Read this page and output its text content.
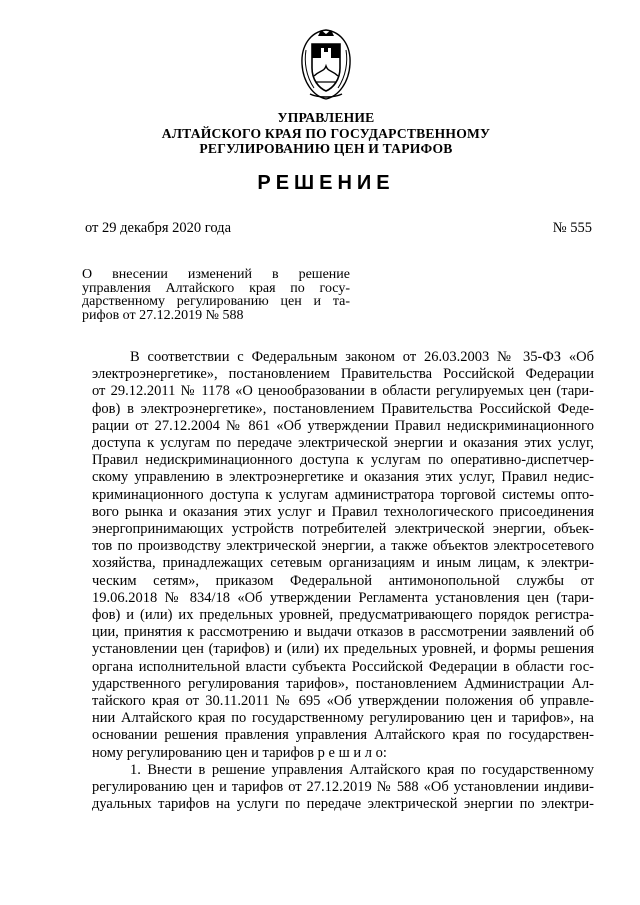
УПРАВЛЕНИЕ
АЛТАЙСКОГО КРАЯ ПО ГОСУДАРСТВЕННОМУ
РЕГУЛИРОВАНИЮ ЦЕН И ТАРИФОВ
РЕШЕНИЕ
от 29 декабря 2020 года	№ 555
О внесении изменений в решение
управления Алтайского края по госу-
дарственному регулированию цен и та-
рифов от 27.12.2019 № 588
В соответствии с Федеральным законом от 26.03.2003 № 35-ФЗ «Об
электроэнергетике», постановлением Правительства Российской Федерации
от 29.12.2011 № 1178 «О ценообразовании в области регулируемых цен (тари-
фов) в электроэнергетике», постановлением Правительства Российской Феде-
рации от 27.12.2004 № 861 «Об утверждении Правил недискриминационного
доступа к услугам по передаче электрической энергии и оказания этих услуг,
Правил недискриминационного доступа к услугам по оперативно-диспетчер-
скому управлению в электроэнергетике и оказания этих услуг, Правил недис-
криминационного доступа к услугам администратора торговой системы опто-
вого рынка и оказания этих услуг и Правил технологического присоединения
энергопринимающих устройств потребителей электрической энергии, объек-
тов по производству электрической энергии, а также объектов электросетевого
хозяйства, принадлежащих сетевым организациям и иным лицам, к электри-
ческим сетям», приказом Федеральной антимонопольной службы от
19.06.2018 № 834/18 «Об утверждении Регламента установления цен (тари-
фов) и (или) их предельных уровней, предусматривающего порядок регистра-
ции, принятия к рассмотрению и выдачи отказов в рассмотрении заявлений об
установлении цен (тарифов) и (или) их предельных уровней, и формы решения
органа исполнительной власти субъекта Российской Федерации в области гос-
ударственного регулирования тарифов», постановлением Администрации Ал-
тайского края от 30.11.2011 № 695 «Об утверждении положения об управле-
нии Алтайского края по государственному регулированию цен и тарифов», на
основании решения правления управления Алтайского края по государствен-
ному регулированию цен и тарифов р е ш и л о:
1. Внести в решение управления Алтайского края по государственному
регулированию цен и тарифов от 27.12.2019 № 588 «Об установлении индиви-
дуальных тарифов на услуги по передаче электрической энергии по электри-
